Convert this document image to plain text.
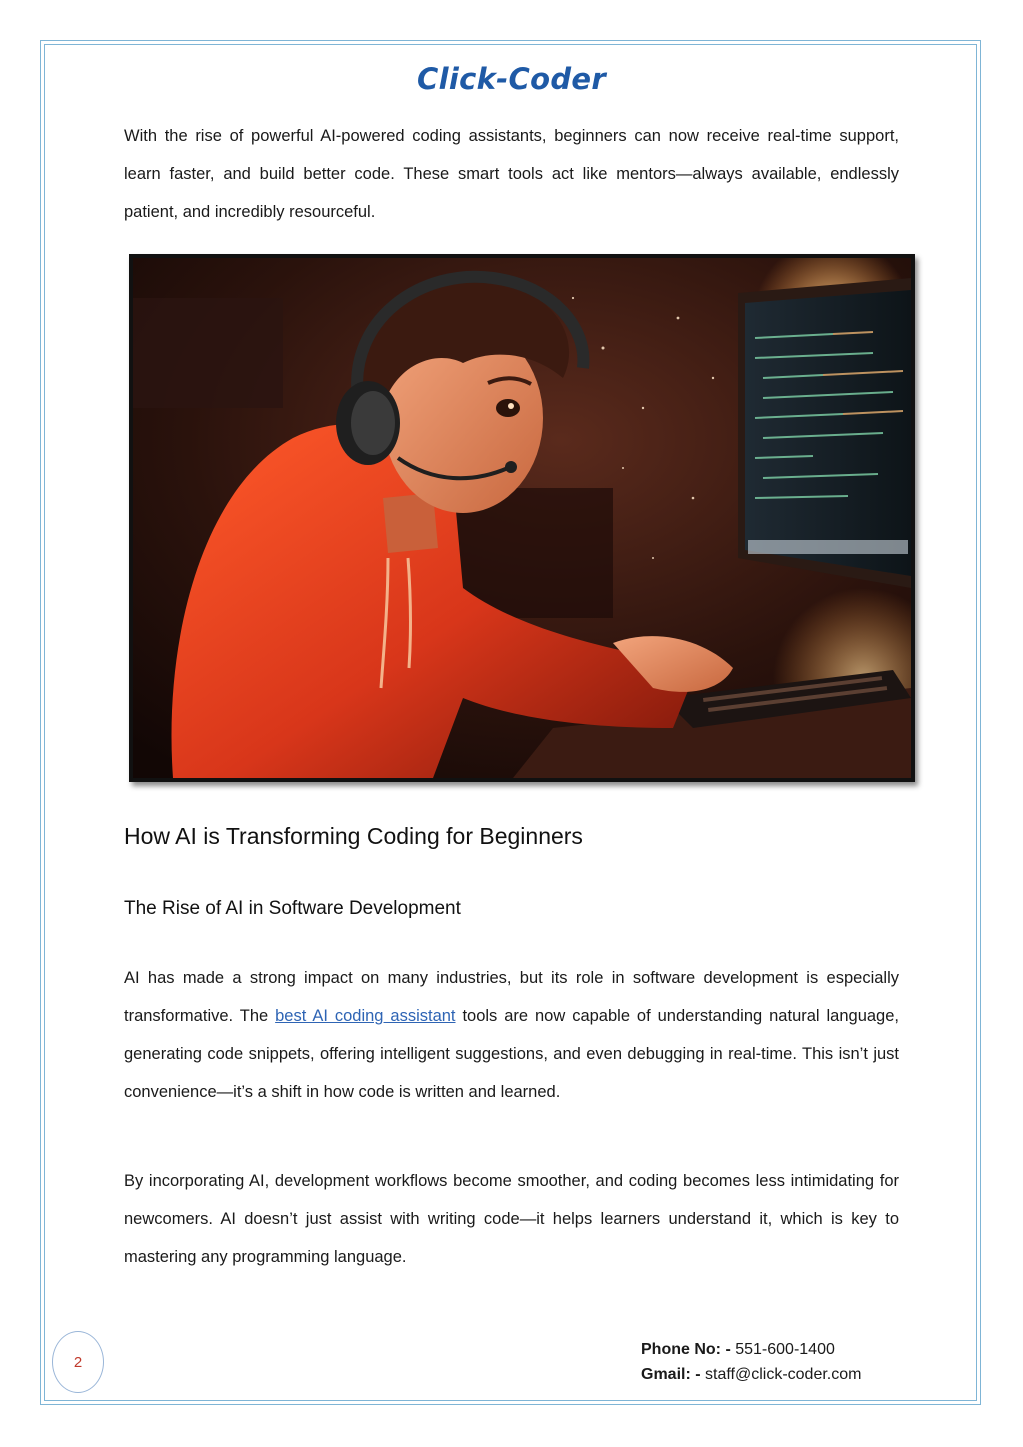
Click-Coder

With the rise of powerful AI-powered coding assistants, beginners can now receive real-time support, learn faster, and build better code. These smart tools act like mentors—always available, endlessly patient, and incredibly resourceful.

How AI is Transforming Coding for Beginners
The Rise of AI in Software Development

AI has made a strong impact on many industries, but its role in software development is especially transformative. The best AI coding assistant tools are now capable of understanding natural language, generating code snippets, offering intelligent suggestions, and even debugging in real-time. This isn’t just convenience—it’s a shift in how code is written and learned.

By incorporating AI, development workflows become smoother, and coding becomes less intimidating for newcomers. AI doesn’t just assist with writing code—it helps learners understand it, which is key to mastering any programming language.

2
Phone No: - 551-600-1400
Gmail: - staff@click-coder.com
